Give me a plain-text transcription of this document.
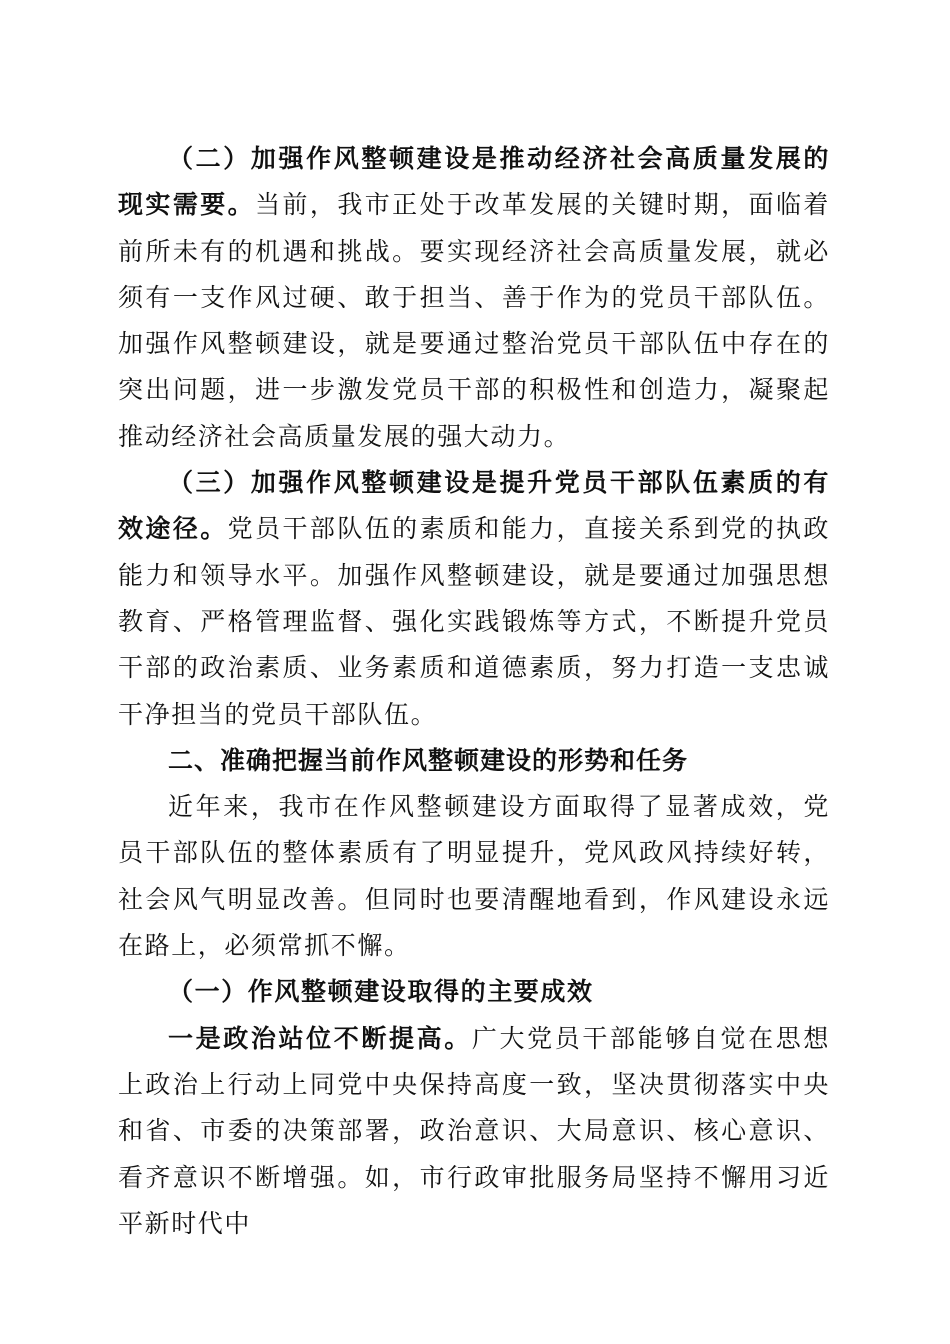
（二）加强作风整顿建设是推动经济社会高质量发展的现实需要。当前，我市正处于改革发展的关键时期，面临着前所未有的机遇和挑战。要实现经济社会高质量发展，就必须有一支作风过硬、敢于担当、善于作为的党员干部队伍。加强作风整顿建设，就是要通过整治党员干部队伍中存在的突出问题，进一步激发党员干部的积极性和创造力，凝聚起推动经济社会高质量发展的强大动力。

（三）加强作风整顿建设是提升党员干部队伍素质的有效途径。党员干部队伍的素质和能力，直接关系到党的执政能力和领导水平。加强作风整顿建设，就是要通过加强思想教育、严格管理监督、强化实践锻炼等方式，不断提升党员干部的政治素质、业务素质和道德素质，努力打造一支忠诚干净担当的党员干部队伍。

二、准确把握当前作风整顿建设的形势和任务

近年来，我市在作风整顿建设方面取得了显著成效，党员干部队伍的整体素质有了明显提升，党风政风持续好转，社会风气明显改善。但同时也要清醒地看到，作风建设永远在路上，必须常抓不懈。

（一）作风整顿建设取得的主要成效

一是政治站位不断提高。广大党员干部能够自觉在思想上政治上行动上同党中央保持高度一致，坚决贯彻落实中央和省、市委的决策部署，政治意识、大局意识、核心意识、看齐意识不断增强。如，市行政审批服务局坚持不懈用习近平新时代中
